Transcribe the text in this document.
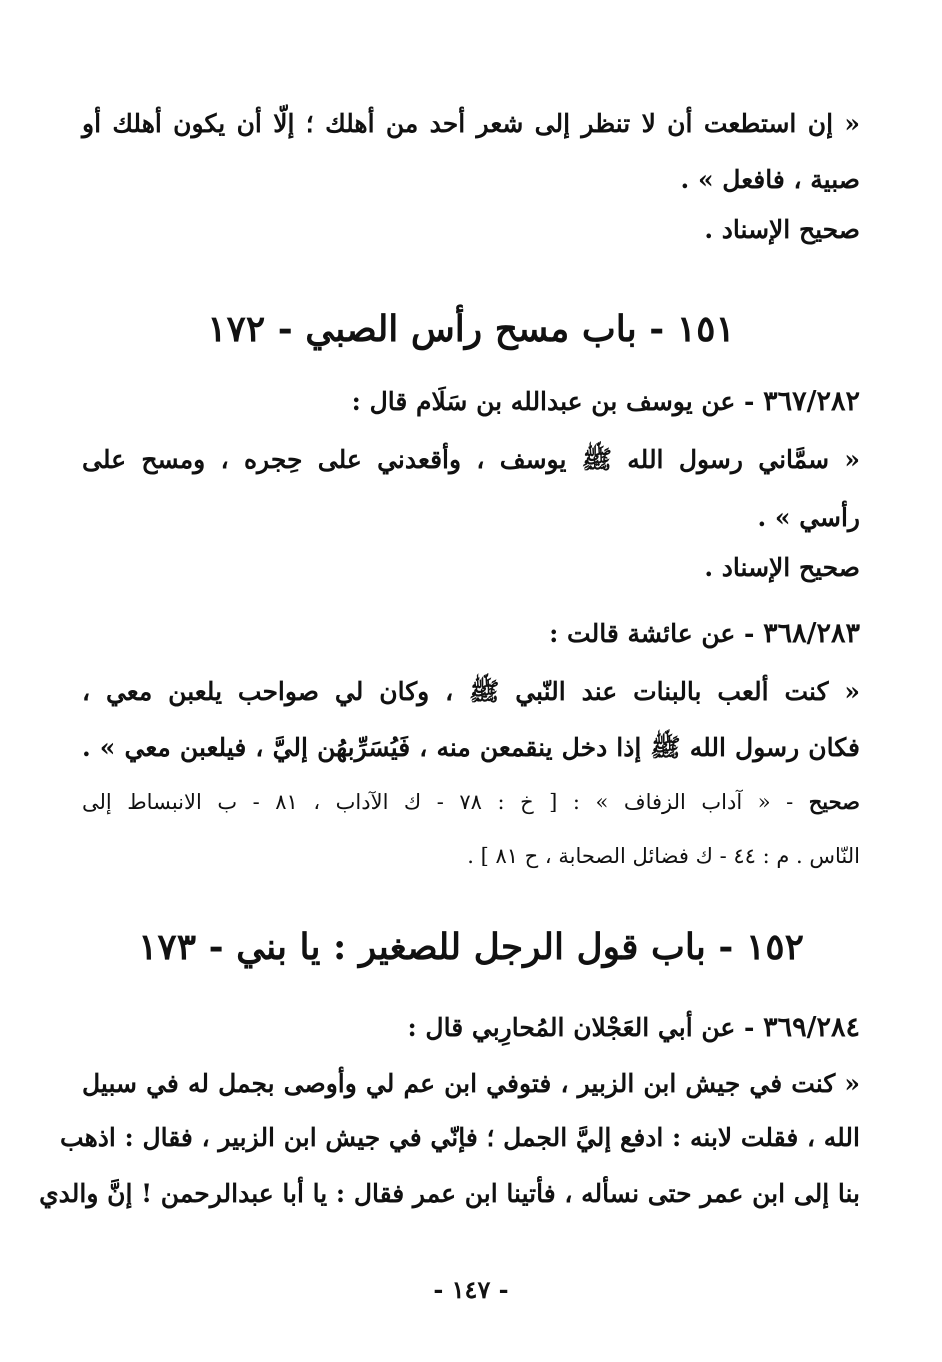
« إن استطعت أن لا تنظر إلى شعر أحد من أهلك ؛ إلّا أن يكون أهلك أو
صبية ، فافعل » .
صحيح الإسناد .
١٥١ - باب مسح رأس الصبي - ١٧٢
٣٦٧/٢٨٢ - عن يوسف بن عبدالله بن سَلَام قال :
« سمَّاني رسول الله ﷺ يوسف ، وأقعدني على حِجره ، ومسح على
رأسي » .
صحيح الإسناد .
٣٦٨/٢٨٣ - عن عائشة قالت :
« كنت ألعب بالبنات عند النّبي ﷺ ، وكان لي صواحب يلعبن معي ،
فكان رسول الله ﷺ إذا دخل ينقمعن منه ، فَيُسَرِّبهُن إليَّ ، فيلعبن معي » .
صحيح - « آداب الزفاف » : [ خ : ٧٨ - ك الآداب ، ٨١ - ب الانبساط إلى
النّاس . م : ٤٤ - ك فضائل الصحابة ، ح ٨١ ] .
١٥٢ - باب قول الرجل للصغير : يا بني - ١٧٣
٣٦٩/٢٨٤ - عن أبي العَجْلان المُحارِبي قال :
« كنت في جيش ابن الزبير ، فتوفي ابن عم لي وأوصى بجمل له في سبيل
الله ، فقلت لابنه : ادفع إليَّ الجمل ؛ فإنّي في جيش ابن الزبير ، فقال : اذهب
بنا إلى ابن عمر حتى نسأله ، فأتينا ابن عمر فقال : يا أبا عبدالرحمن ! إنَّ والدي
- ١٤٧ -
